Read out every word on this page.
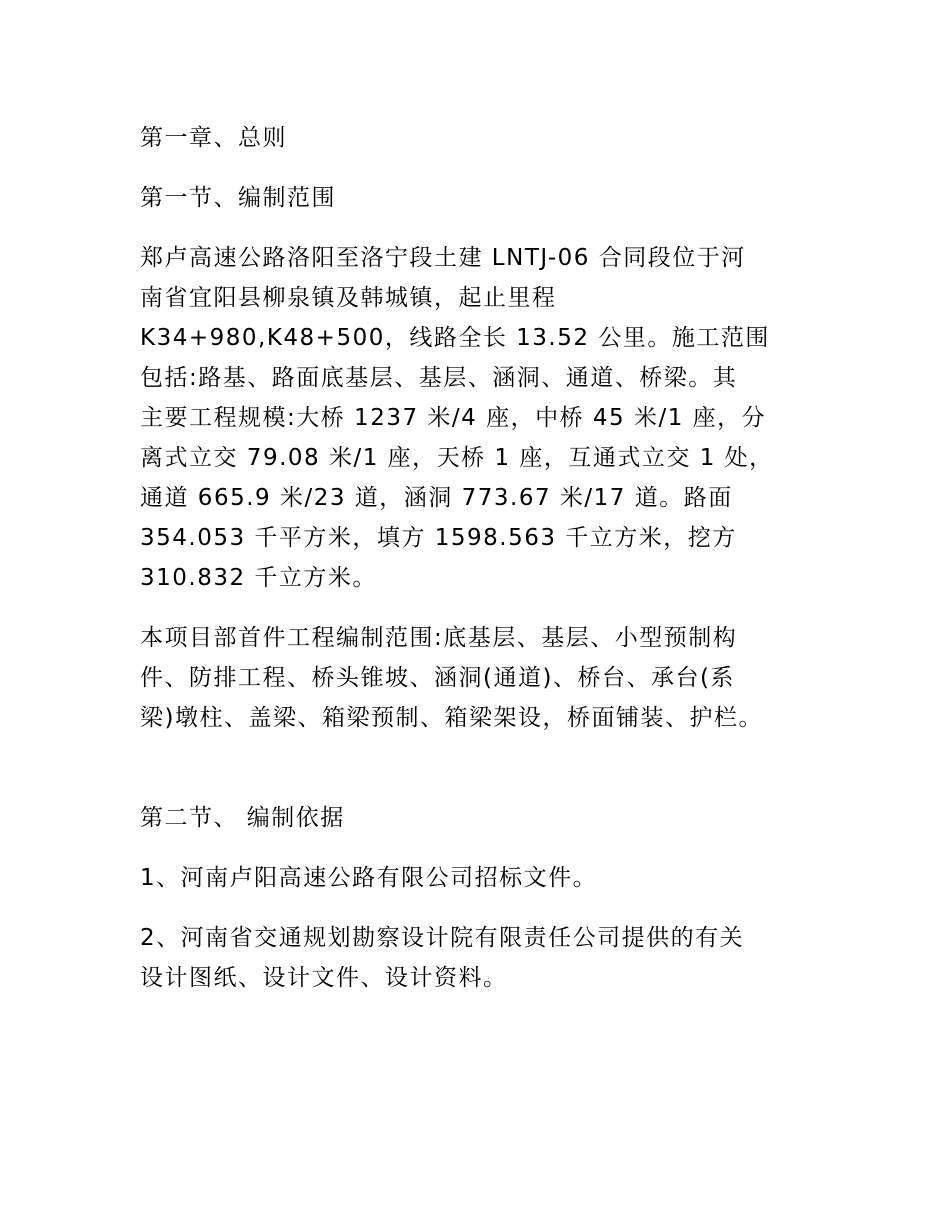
第一章、总则
第一节、编制范围
郑卢高速公路洛阳至洛宁段土建 LNTJ-06 合同段位于河
南省宜阳县柳泉镇及韩城镇，起止里程
K34+980,K48+500，线路全长 13.52 公里。施工范围
包括:路基、路面底基层、基层、涵洞、通道、桥梁。其
主要工程规模:大桥 1237 米/4 座，中桥 45 米/1 座，分
离式立交 79.08 米/1 座，天桥 1 座，互通式立交 1 处，
通道 665.9 米/23 道，涵洞 773.67 米/17 道。路面
354.053 千平方米，填方 1598.563 千立方米，挖方
310.832 千立方米。
本项目部首件工程编制范围:底基层、基层、小型预制构
件、防排工程、桥头锥坡、涵洞(通道)、桥台、承台(系
梁)墩柱、盖梁、箱梁预制、箱梁架设，桥面铺装、护栏。
第二节、 编制依据
1、河南卢阳高速公路有限公司招标文件。
2、河南省交通规划勘察设计院有限责任公司提供的有关
设计图纸、设计文件、设计资料。
